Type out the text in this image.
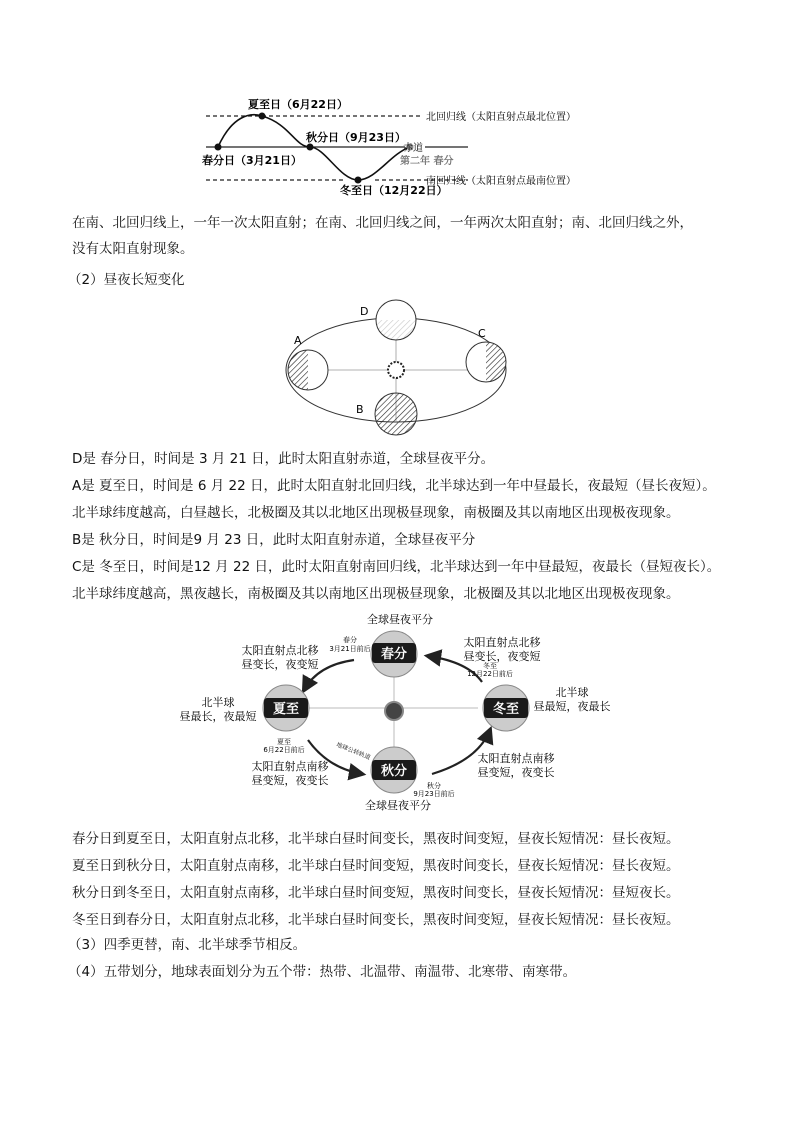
夏至日（6月22日）
春分日（3月21日）
秋分日（9月23日）
冬至日（12月22日）
北回归线（太阳直射点最北位置）
赤道
第二年 春分
南回归线（太阳直射点最南位置）
在南、北回归线上，一年一次太阳直射；在南、北回归线之间，一年两次太阳直射；南、北回归线之外，
没有太阳直射现象。
（2）昼夜长短变化
D
A
C
B
D是 春分日，时间是 3 月 21 日，此时太阳直射赤道，全球昼夜平分。
A是 夏至日，时间是 6 月 22 日，此时太阳直射北回归线，北半球达到一年中昼最长，夜最短（昼长夜短）。
北半球纬度越高，白昼越长，北极圈及其以北地区出现极昼现象，南极圈及其以南地区出现极夜现象。
B是 秋分日，时间是9 月 23 日，此时太阳直射赤道，全球昼夜平分
C是 冬至日，时间是12 月 22 日，此时太阳直射南回归线，北半球达到一年中昼最短，夜最长（昼短夜长）。
北半球纬度越高，黑夜越长，南极圈及其以南地区出现极昼现象，北极圈及其以北地区出现极夜现象。
春分
夏至
秋分
冬至
全球昼夜平分
全球昼夜平分
春分
3月21日前后
夏至
6月22日前后
秋分
9月23日前后
冬至
12月22日前后
太阳直射点北移
昼变长，夜变短
太阳直射点北移
昼变长，夜变短
太阳直射点南移
昼变短，夜变长
太阳直射点南移
昼变短，夜变长
北半球
昼最长，夜最短
北半球
昼最短，夜最长
地球公转轨道
春分日到夏至日，太阳直射点北移，北半球白昼时间变长，黑夜时间变短，昼夜长短情况：昼长夜短。
夏至日到秋分日，太阳直射点南移，北半球白昼时间变短，黑夜时间变长，昼夜长短情况：昼长夜短。
秋分日到冬至日，太阳直射点南移，北半球白昼时间变短，黑夜时间变长，昼夜长短情况：昼短夜长。
冬至日到春分日，太阳直射点北移，北半球白昼时间变长，黑夜时间变短，昼夜长短情况：昼长夜短。
（3）四季更替，南、北半球季节相反。
（4）五带划分，地球表面划分为五个带：热带、北温带、南温带、北寒带、南寒带。
